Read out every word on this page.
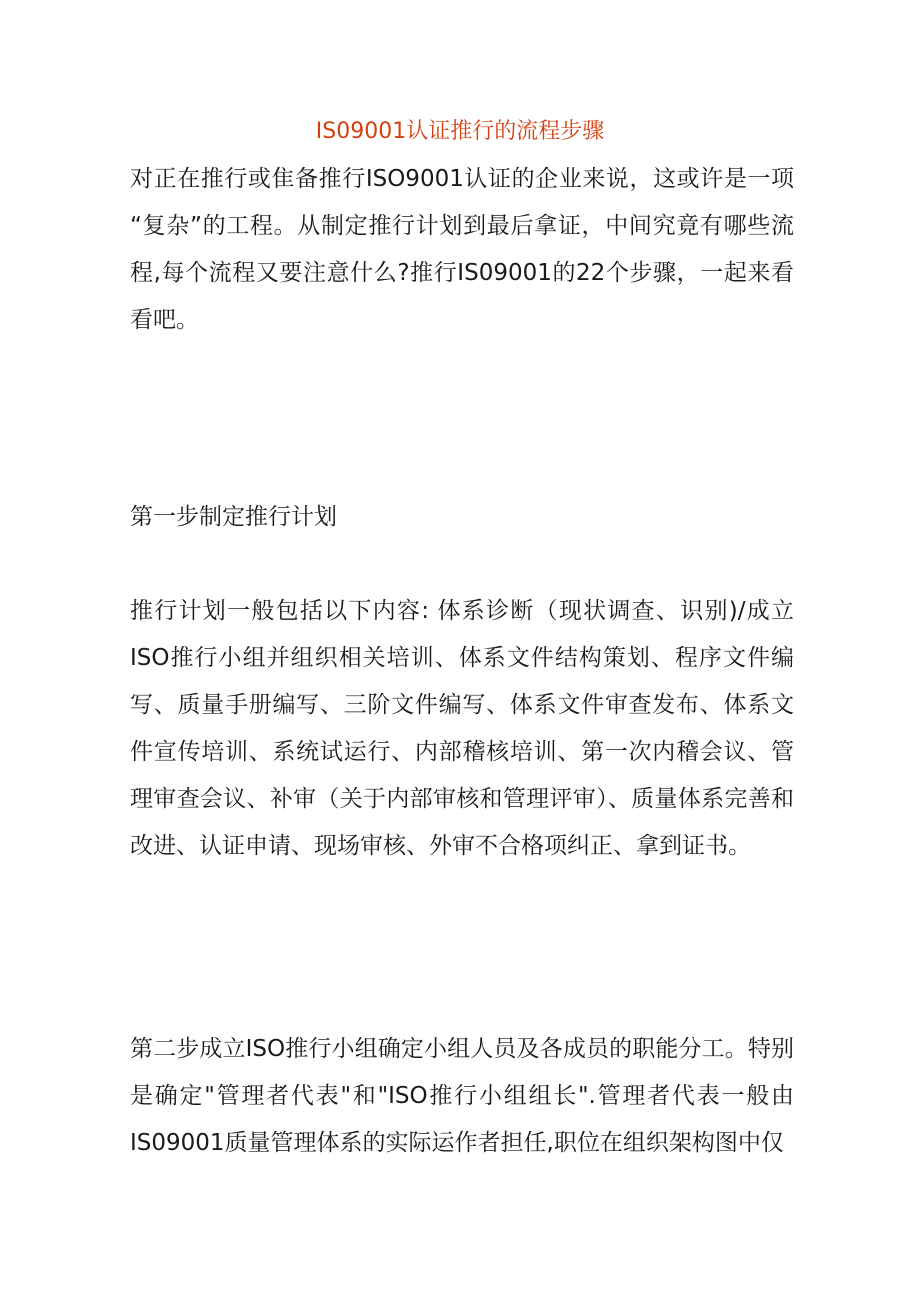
IS09001认证推行的流程步骤
对正在推行或隹备推行ISO9001认证的企业来说，这或许是一项 “复杂”的工程。从制定推行计划到最后拿证，中间究竟有哪些流程,每个流程又要注意什么?推行IS09001的22个步骤，一起来看看吧。
第一步制定推行计划
推行计划一般包括以下内容: 体系诊断（现状调查、识别)/成立ISO推行小组并组织相关培训、体系文件结构策划、程序文件编写、质量手册编写、三阶文件编写、体系文件审查发布、体系文件宣传培训、系统试运行、内部稽核培训、第一次内稽会议、管理审查会议、补审（关于内部审核和管理评审）、质量体系完善和改进、认证申请、现场审核、外审不合格项纠正、拿到证书。
第二步成立ISO推行小组确定小组人员及各成员的职能分工。特别是确定"管理者代表"和"ISO推行小组组长".管理者代表一般由IS09001质量管理体系的实际运作者担任,职位在组织架构图中仅
